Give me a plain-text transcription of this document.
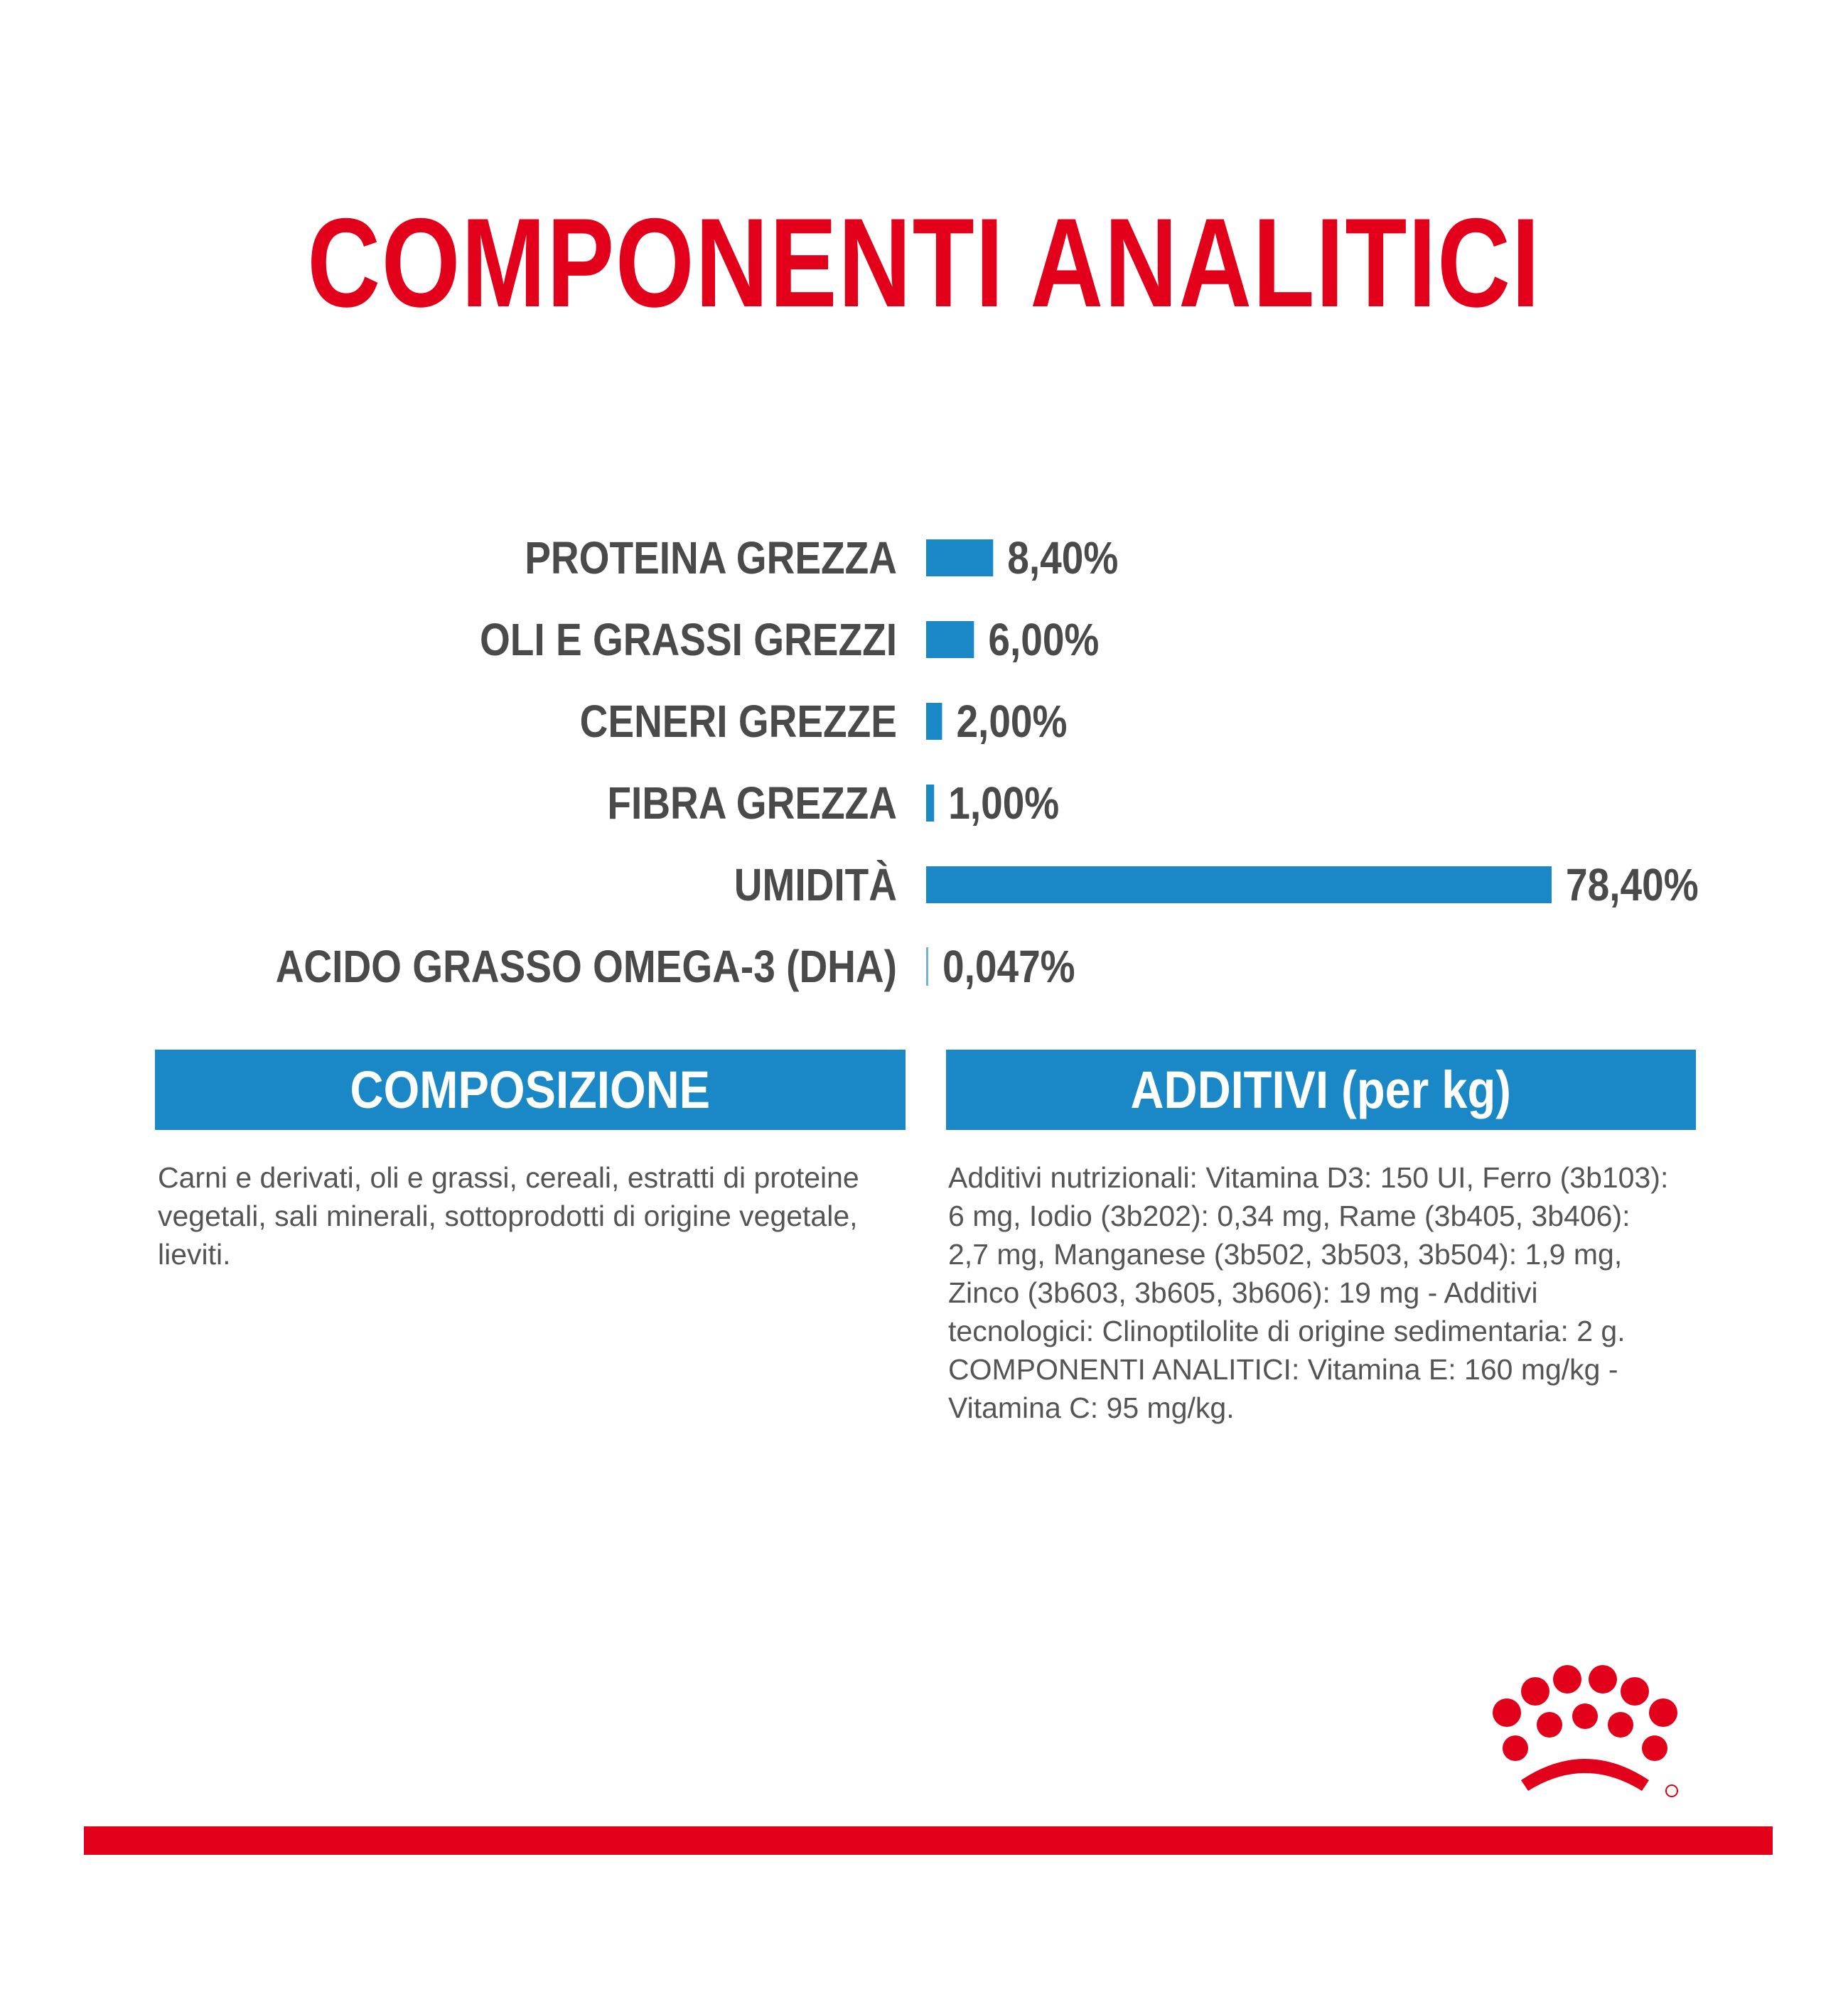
COMPONENTI ANALITICI
PROTEINA GREZZA 8,40%
OLI E GRASSI GREZZI 6,00%
CENERI GREZZE 2,00%
FIBRA GREZZA 1,00%
UMIDITÀ	78,40%
ACIDO GRASSO OMEGA-3 (DHA) 0,047%
COMPOSIZIONE	ADDITIVI (per kg)

Carni e derivati, oli e grassi, cereali, estratti di proteine vegetali, sali minerali, sottoprodotti di origine vegetale, lieviti.

Additivi nutrizionali: Vitamina D3: 150 UI, Ferro (3b103): 6 mg, Iodio (3b202): 0,34 mg, Rame (3b405, 3b406): 2,7 mg, Manganese (3b502, 3b503, 3b504): 1,9 mg, Zinco (3b603, 3b605, 3b606): 19 mg - Additivi tecnologici: Clinoptilolite di origine sedimentaria: 2 g.

COMPONENTI ANALITICI: Vitamina E: 160 mg/kg - Vitamina C: 95 mg/kg.
